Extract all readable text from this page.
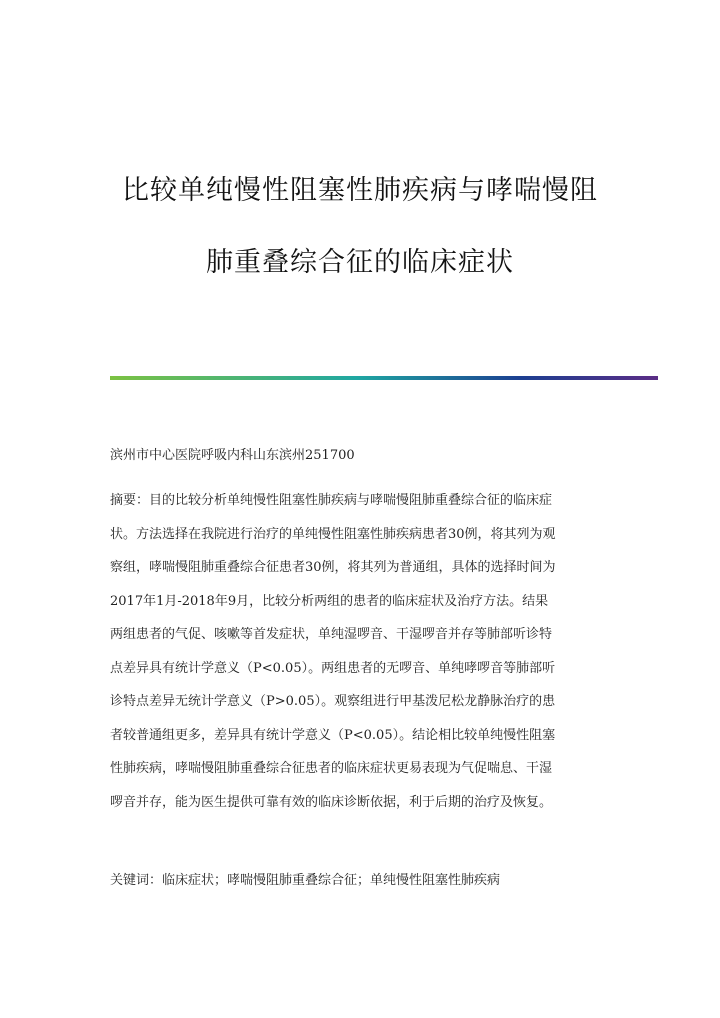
比较单纯慢性阻塞性肺疾病与哮喘慢阻
肺重叠综合征的临床症状
滨州市中心医院呼吸内科山东滨州251700
摘要：目的比较分析单纯慢性阻塞性肺疾病与哮喘慢阻肺重叠综合征的临床症
状。方法选择在我院进行治疗的单纯慢性阻塞性肺疾病患者30例，将其列为观
察组，哮喘慢阻肺重叠综合征患者30例，将其列为普通组，具体的选择时间为
2017年1月-2018年9月，比较分析两组的患者的临床症状及治疗方法。结果
两组患者的气促、咳嗽等首发症状，单纯湿啰音、干湿啰音并存等肺部听诊特
点差异具有统计学意义（P<0.05）。两组患者的无啰音、单纯哮啰音等肺部听
诊特点差异无统计学意义（P>0.05）。观察组进行甲基泼尼松龙静脉治疗的患
者较普通组更多，差异具有统计学意义（P<0.05）。结论相比较单纯慢性阻塞
性肺疾病，哮喘慢阻肺重叠综合征患者的临床症状更易表现为气促喘息、干湿
啰音并存，能为医生提供可靠有效的临床诊断依据，利于后期的治疗及恢复。
关键词：临床症状；哮喘慢阻肺重叠综合征；单纯慢性阻塞性肺疾病
